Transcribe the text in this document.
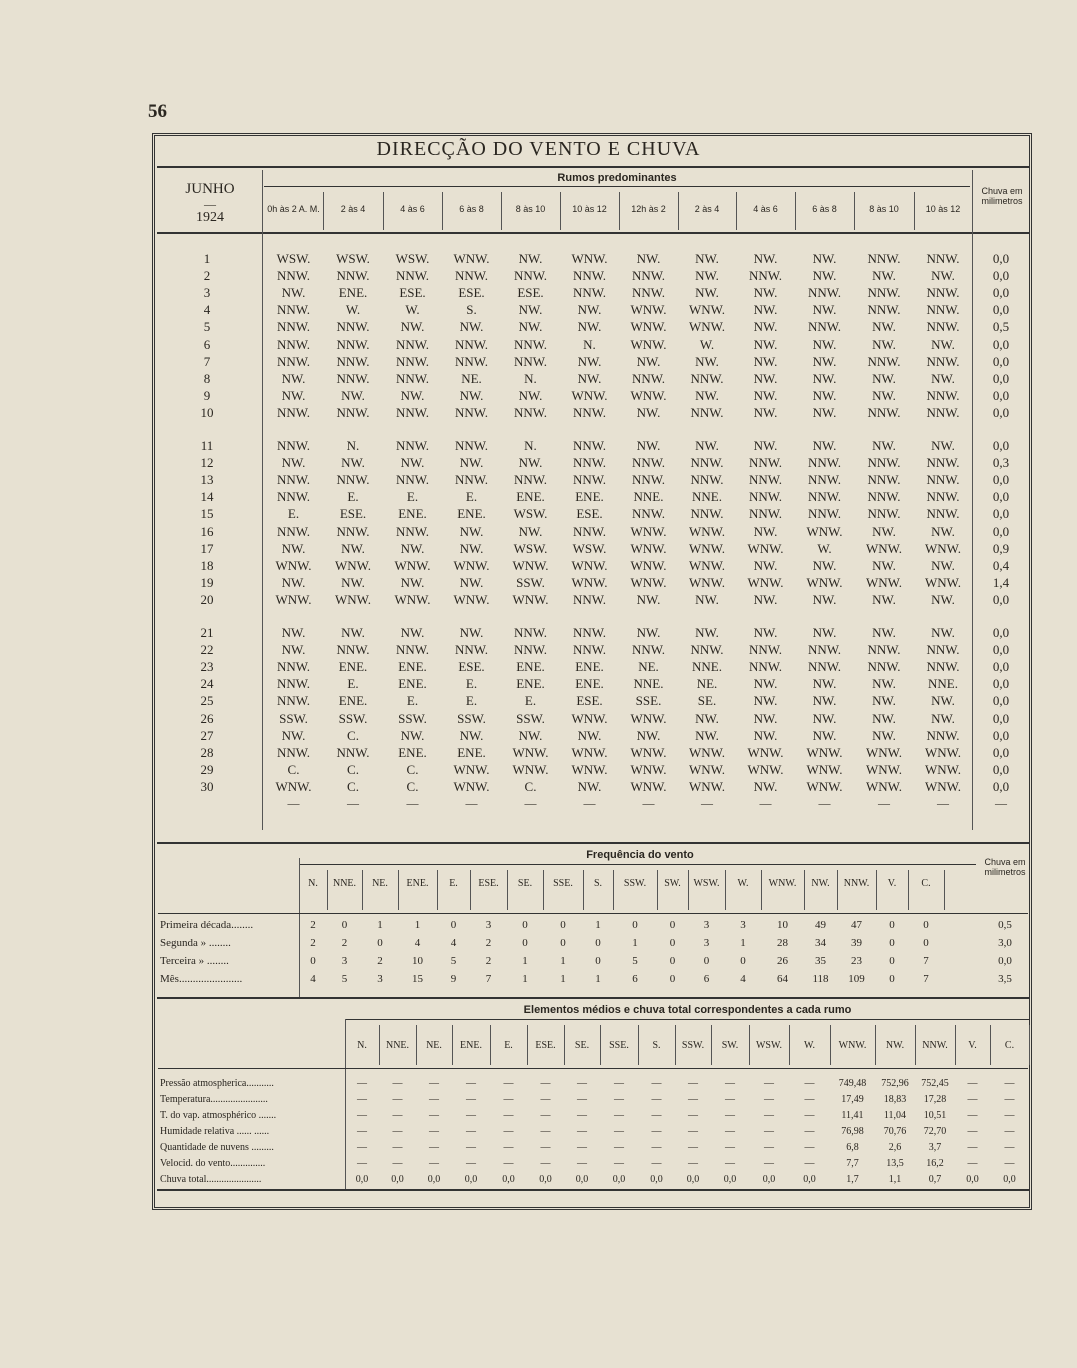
56
DIRECÇÃO DO VENTO E CHUVA
JUNHO
—
1924
Rumos predominantes
Chuva em milimetros
0h às 2 A. M.	2 às 4	4 às 6	6 às 8	8 às 10	10 às 12	12h às 2	2 às 4	4 às 6	6 às 8	8 às 10	10 às 12
1	WSW.	WSW.	WSW.	WNW.	NW.	WNW.	NW.	NW.	NW.	NW.	NNW.	NNW.	0,0
2	NNW.	NNW.	NNW.	NNW.	NNW.	NNW.	NNW.	NW.	NNW.	NW.	NW.	NW.	0,0
3	NW.	ENE.	ESE.	ESE.	ESE.	NNW.	NNW.	NW.	NW.	NNW.	NNW.	NNW.	0,0
4	NNW.	W.	W.	S.	NW.	NW.	WNW.	WNW.	NW.	NW.	NNW.	NNW.	0,0
5	NNW.	NNW.	NW.	NW.	NW.	NW.	WNW.	WNW.	NW.	NNW.	NW.	NNW.	0,5
6	NNW.	NNW.	NNW.	NNW.	NNW.	N.	WNW.	W.	NW.	NW.	NW.	NW.	0,0
7	NNW.	NNW.	NNW.	NNW.	NNW.	NW.	NW.	NW.	NW.	NW.	NNW.	NNW.	0,0
8	NW.	NNW.	NNW.	NE.	N.	NW.	NNW.	NNW.	NW.	NW.	NW.	NW.	0,0
9	NW.	NW.	NW.	NW.	NW.	WNW.	WNW.	NW.	NW.	NW.	NW.	NNW.	0,0
10	NNW.	NNW.	NNW.	NNW.	NNW.	NNW.	NW.	NNW.	NW.	NW.	NNW.	NNW.	0,0
11	NNW.	N.	NNW.	NNW.	N.	NNW.	NW.	NW.	NW.	NW.	NW.	NW.	0,0
12	NW.	NW.	NW.	NW.	NW.	NNW.	NNW.	NNW.	NNW.	NNW.	NNW.	NNW.	0,3
13	NNW.	NNW.	NNW.	NNW.	NNW.	NNW.	NNW.	NNW.	NNW.	NNW.	NNW.	NNW.	0,0
14	NNW.	E.	E.	E.	ENE.	ENE.	NNE.	NNE.	NNW.	NNW.	NNW.	NNW.	0,0
15	E.	ESE.	ENE.	ENE.	WSW.	ESE.	NNW.	NNW.	NNW.	NNW.	NNW.	NNW.	0,0
16	NNW.	NNW.	NNW.	NW.	NW.	NNW.	WNW.	WNW.	NW.	WNW.	NW.	NW.	0,0
17	NW.	NW.	NW.	NW.	WSW.	WSW.	WNW.	WNW.	WNW.	W.	WNW.	WNW.	0,9
18	WNW.	WNW.	WNW.	WNW.	WNW.	WNW.	WNW.	WNW.	NW.	NW.	NW.	NW.	0,4
19	NW.	NW.	NW.	NW.	SSW.	WNW.	WNW.	WNW.	WNW.	WNW.	WNW.	WNW.	1,4
20	WNW.	WNW.	WNW.	WNW.	WNW.	NNW.	NW.	NW.	NW.	NW.	NW.	NW.	0,0
21	NW.	NW.	NW.	NW.	NNW.	NNW.	NW.	NW.	NW.	NW.	NW.	NW.	0,0
22	NW.	NNW.	NNW.	NNW.	NNW.	NNW.	NNW.	NNW.	NNW.	NNW.	NNW.	NNW.	0,0
23	NNW.	ENE.	ENE.	ESE.	ENE.	ENE.	NE.	NNE.	NNW.	NNW.	NNW.	NNW.	0,0
24	NNW.	E.	ENE.	E.	ENE.	ENE.	NNE.	NE.	NW.	NW.	NW.	NNE.	0,0
25	NNW.	ENE.	E.	E.	E.	ESE.	SSE.	SE.	NW.	NW.	NW.	NW.	0,0
26	SSW.	SSW.	SSW.	SSW.	SSW.	WNW.	WNW.	NW.	NW.	NW.	NW.	NW.	0,0
27	NW.	C.	NW.	NW.	NW.	NW.	NW.	NW.	NW.	NW.	NW.	NNW.	0,0
28	NNW.	NNW.	ENE.	ENE.	WNW.	WNW.	WNW.	WNW.	WNW.	WNW.	WNW.	WNW.	0,0
29	C.	C.	C.	WNW.	WNW.	WNW.	WNW.	WNW.	WNW.	WNW.	WNW.	WNW.	0,0
30	WNW.	C.	C.	WNW.	C.	NW.	WNW.	WNW.	NW.	WNW.	WNW.	WNW.	0,0
—	—	—	—	—	—	—	—	—	—	—	—	—
Frequência do vento
Chuva em milimetros
N.	NNE.	NE.	ENE.	E.	ESE.	SE.	SSE.	S.	SSW.	SW.	WSW.	W.	WNW.	NW.	NNW.	V.	C.
Primeira década........	2	0	1	1	0	3	0	0	1	0	0	3	3	10	49	47	0	0	0,5
Segunda » ........	2	2	0	4	4	2	0	0	0	1	0	3	1	28	34	39	0	0	3,0
Terceira » ........	0	3	2	10	5	2	1	1	0	5	0	0	0	26	35	23	0	7	0,0
Mês.......................	4	5	3	15	9	7	1	1	1	6	0	6	4	64	118	109	0	7	3,5
Elementos médios e chuva total correspondentes a cada rumo
N.	NNE.	NE.	ENE.	E.	ESE.	SE.	SSE.	S.	SSW.	SW.	WSW.	W.	WNW.	NW.	NNW.	V.	C.
Pressão atmospherica...........	—	—	—	—	—	—	—	—	—	—	—	—	—	749,48	752,96	752,45	—	—
Temperatura.......................	—	—	—	—	—	—	—	—	—	—	—	—	—	17,49	18,83	17,28	—	—
T. do vap. atmosphérico .......	—	—	—	—	—	—	—	—	—	—	—	—	—	11,41	11,04	10,51	—	—
Humidade relativa ...... ......	—	—	—	—	—	—	—	—	—	—	—	—	—	76,98	70,76	72,70	—	—
Quantidade de nuvens .........	—	—	—	—	—	—	—	—	—	—	—	—	—	6,8	2,6	3,7	—	—
Velocid. do vento..............	—	—	—	—	—	—	—	—	—	—	—	—	—	7,7	13,5	16,2	—	—
Chuva total......................	0,0	0,0	0,0	0,0	0,0	0,0	0,0	0,0	0,0	0,0	0,0	0,0	0,0	1,7	1,1	0,7	0,0	0,0
